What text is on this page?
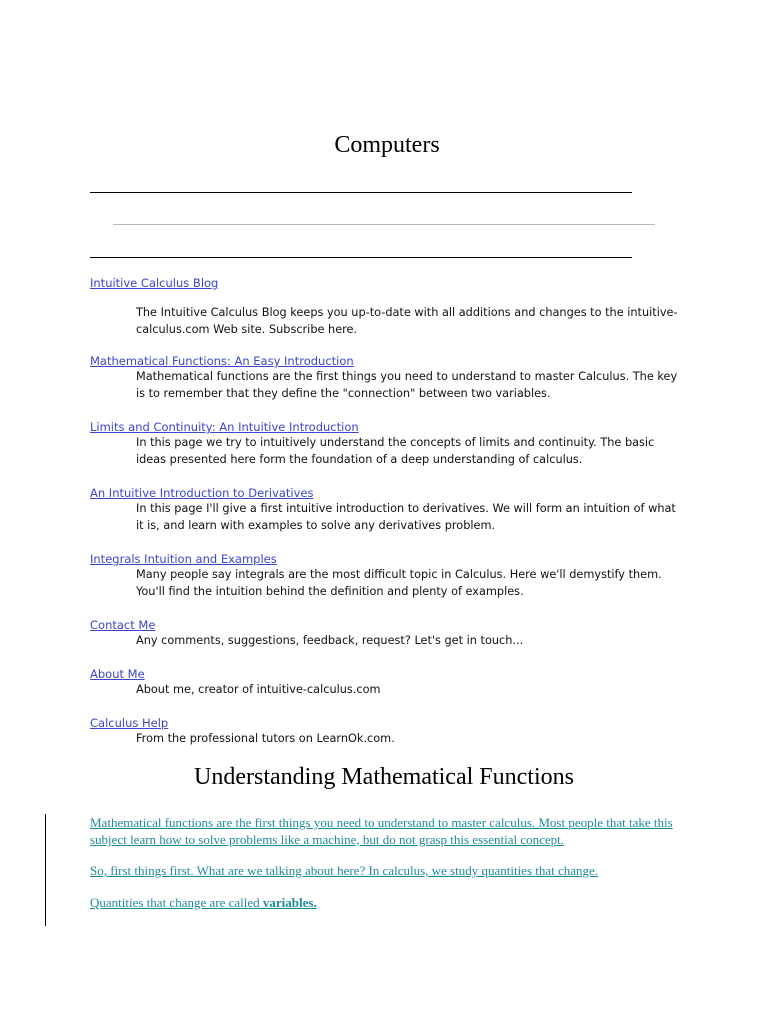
Computers
Intuitive Calculus Blog
The Intuitive Calculus Blog keeps you up-to-date with all additions and changes to the intuitive-calculus.com Web site. Subscribe here.
Mathematical Functions: An Easy Introduction
Mathematical functions are the first things you need to understand to master Calculus. The key is to remember that they define the "connection" between two variables.
Limits and Continuity: An Intuitive Introduction
In this page we try to intuitively understand the concepts of limits and continuity. The basic ideas presented here form the foundation of a deep understanding of calculus.
An Intuitive Introduction to Derivatives
In this page I'll give a first intuitive introduction to derivatives. We will form an intuition of what it is, and learn with examples to solve any derivatives problem.
Integrals Intuition and Examples
Many people say integrals are the most difficult topic in Calculus. Here we'll demystify them. You'll find the intuition behind the definition and plenty of examples.
Contact Me
Any comments, suggestions, feedback, request? Let's get in touch...
About Me
About me, creator of intuitive-calculus.com
Calculus Help
From the professional tutors on LearnOk.com.
Understanding Mathematical Functions

Mathematical functions are the first things you need to understand to master calculus. Most people that take this subject learn how to solve problems like a machine, but do not grasp this essential concept.

So, first things first. What are we talking about here? In calculus, we study quantities that change.

Quantities that change are called variables.
